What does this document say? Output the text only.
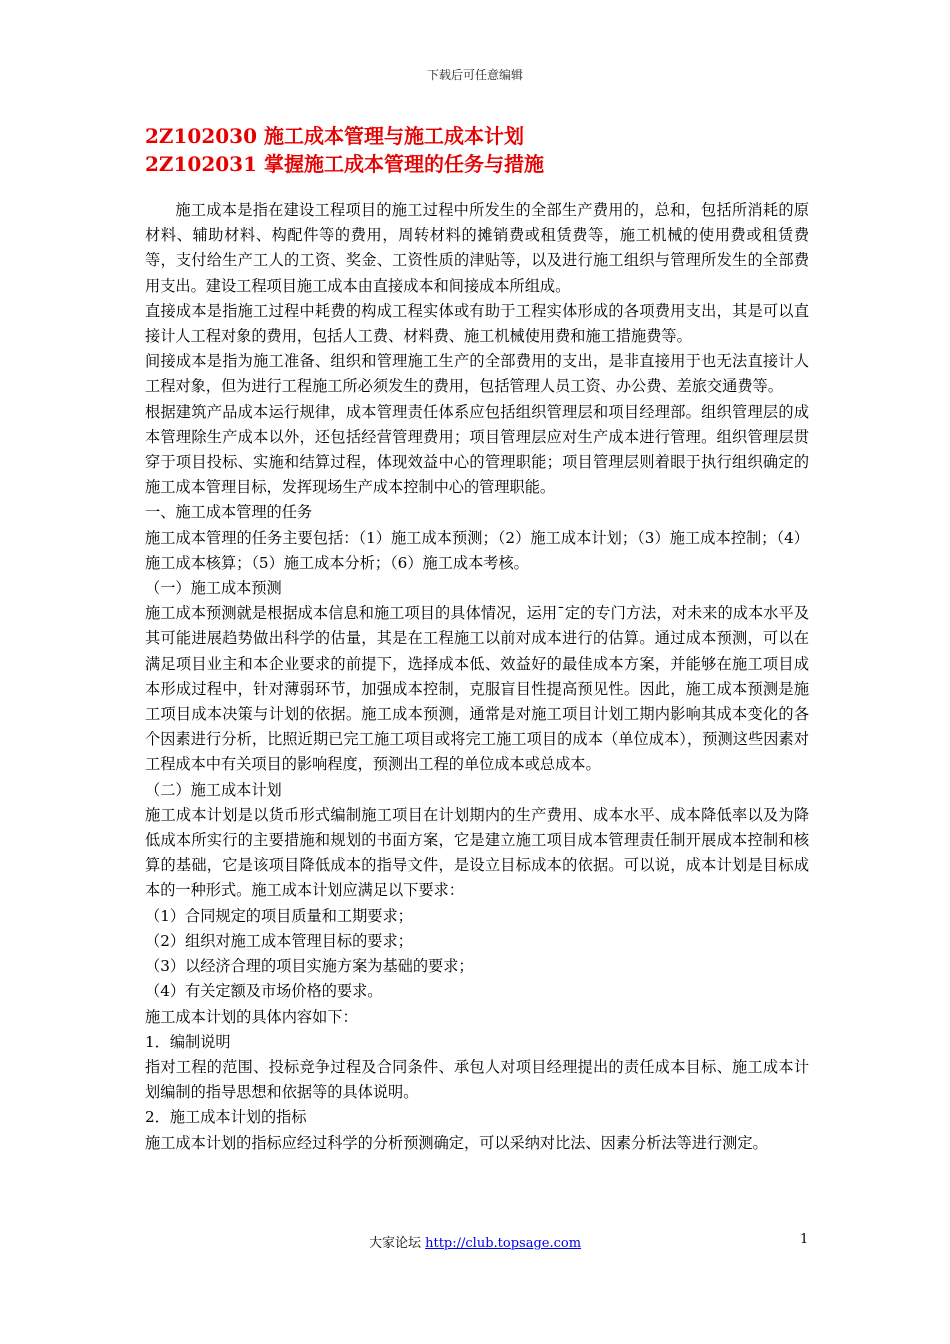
下载后可任意编辑

2Z102030 施工成本管理与施工成本计划

2Z102031 掌握施工成本管理的任务与措施

施工成本是指在建设工程项目的施工过程中所发生的全部生产费用的，总和，包括所消耗的原材料、辅助材料、构配件等的费用，周转材料的摊销费或租赁费等，施工机械的使用费或租赁费等，支付给生产工人的工资、奖金、工资性质的津贴等，以及进行施工组织与管理所发生的全部费用支出。建设工程项目施工成本由直接成本和间接成本所组成。

直接成本是指施工过程中耗费的构成工程实体或有助于工程实体形成的各项费用支出，其是可以直接计人工程对象的费用，包括人工费、材料费、施工机械使用费和施工措施费等。

间接成本是指为施工准备、组织和管理施工生产的全部费用的支出，是非直接用于也无法直接计人工程对象，但为进行工程施工所必须发生的费用，包括管理人员工资、办公费、差旅交通费等。

根据建筑产品成本运行规律，成本管理责任体系应包括组织管理层和项目经理部。组织管理层的成本管理除生产成本以外，还包括经营管理费用；项目管理层应对生产成本进行管理。组织管理层贯穿于项目投标、实施和结算过程，体现效益中心的管理职能；项目管理层则着眼于执行组织确定的施工成本管理目标，发挥现场生产成本控制中心的管理职能。

一、施工成本管理的任务

施工成本管理的任务主要包括：（1）施工成本预测；（2）施工成本计划；（3）施工成本控制；（4）施工成本核算；（5）施工成本分析；（6）施工成本考核。

（一）施工成本预测

施工成本预测就是根据成本信息和施工项目的具体情况，运用ˉ定的专门方法，对未来的成本水平及其可能进展趋势做出科学的估量，其是在工程施工以前对成本进行的估算。通过成本预测，可以在满足项目业主和本企业要求的前提下，选择成本低、效益好的最佳成本方案，并能够在施工项目成本形成过程中，针对薄弱环节，加强成本控制，克服盲目性提高预见性。因此，施工成本预测是施工项目成本决策与计划的依据。施工成本预测，通常是对施工项目计划工期内影响其成本变化的各个因素进行分析，比照近期已完工施工项目或将完工施工项目的成本（单位成本），预测这些因素对工程成本中有关项目的影响程度，预测出工程的单位成本或总成本。

（二）施工成本计划

施工成本计划是以货币形式编制施工项目在计划期内的生产费用、成本水平、成本降低率以及为降低成本所实行的主要措施和规划的书面方案，它是建立施工项目成本管理责任制开展成本控制和核算的基础，它是该项目降低成本的指导文件，是设立目标成本的依据。可以说，成本计划是目标成本的一种形式。施工成本计划应满足以下要求：

（1）合同规定的项目质量和工期要求；

（2）组织对施工成本管理目标的要求；

（3）以经济合理的项目实施方案为基础的要求；

（4）有关定额及市场价格的要求。

施工成本计划的具体内容如下：

1．编制说明

指对工程的范围、投标竞争过程及合同条件、承包人对项目经理提出的责任成本目标、施工成本计划编制的指导思想和依据等的具体说明。

2．施工成本计划的指标

施工成本计划的指标应经过科学的分析预测确定，可以采纳对比法、因素分析法等进行测定。

大家论坛 http://club.topsage.com	1
